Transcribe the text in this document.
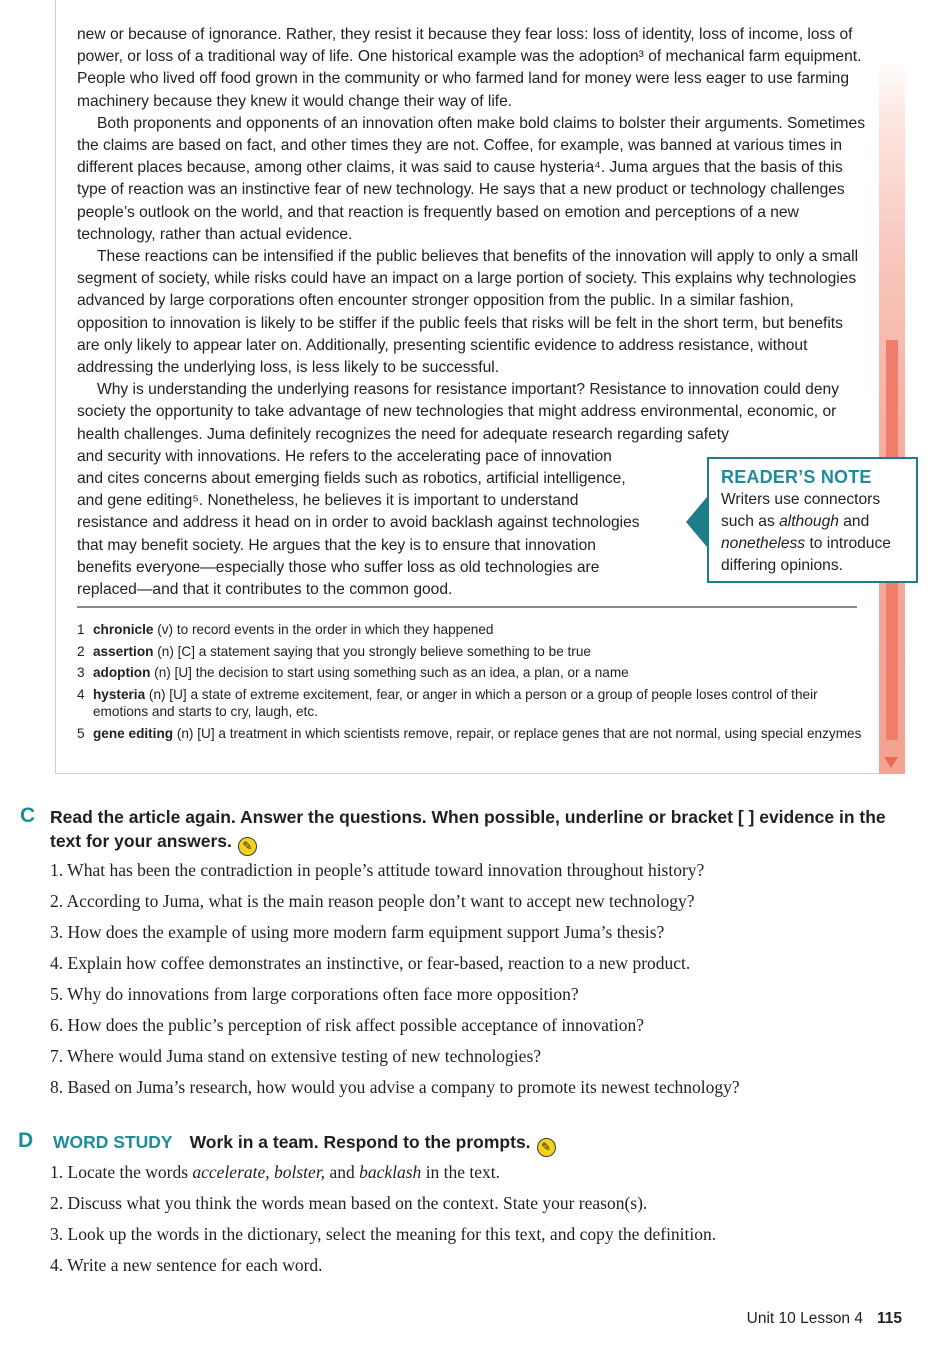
new or because of ignorance. Rather, they resist it because they fear loss: loss of identity, loss of income, loss of power, or loss of a traditional way of life. One historical example was the adoption³ of mechanical farm equipment. People who lived off food grown in the community or who farmed land for money were less eager to use farming machinery because they knew it would change their way of life.

Both proponents and opponents of an innovation often make bold claims to bolster their arguments. Sometimes the claims are based on fact, and other times they are not. Coffee, for example, was banned at various times in different places because, among other claims, it was said to cause hysteria⁴. Juma argues that the basis of this type of reaction was an instinctive fear of new technology. He says that a new product or technology challenges people’s outlook on the world, and that reaction is frequently based on emotion and perceptions of a new technology, rather than actual evidence.

These reactions can be intensified if the public believes that benefits of the innovation will apply to only a small segment of society, while risks could have an impact on a large portion of society. This explains why technologies advanced by large corporations often encounter stronger opposition from the public. In a similar fashion, opposition to innovation is likely to be stiffer if the public feels that risks will be felt in the short term, but benefits are only likely to appear later on. Additionally, presenting scientific evidence to address resistance, without addressing the underlying loss, is less likely to be successful.

Why is understanding the underlying reasons for resistance important? Resistance to innovation could deny society the opportunity to take advantage of new technologies that might address environmental, economic, or health challenges. Juma definitely recognizes the need for adequate research regarding safety

and security with innovations. He refers to the accelerating pace of innovation
and cites concerns about emerging fields such as robotics, artificial intelligence,
and gene editing⁵. Nonetheless, he believes it is important to understand
resistance and address it head on in order to avoid backlash against technologies
that may benefit society. He argues that the key is to ensure that innovation
benefits everyone—especially those who suffer loss as old technologies are
replaced—and that it contributes to the common good.
READER’S NOTE
Writers use connectors such as although and nonetheless to introduce differing opinions.
1 chronicle (v) to record events in the order in which they happened
2 assertion (n) [C] a statement saying that you strongly believe something to be true
3 adoption (n) [U] the decision to start using something such as an idea, a plan, or a name
4 hysteria (n) [U] a state of extreme excitement, fear, or anger in which a person or a group of people loses control of their emotions and starts to cry, laugh, etc.
5 gene editing (n) [U] a treatment in which scientists remove, repair, or replace genes that are not normal, using special enzymes
C Read the article again. Answer the questions. When possible, underline or bracket [ ] evidence in the text for your answers. ✎
1. What has been the contradiction in people’s attitude toward innovation throughout history?
2. According to Juma, what is the main reason people don’t want to accept new technology?
3. How does the example of using more modern farm equipment support Juma’s thesis?
4. Explain how coffee demonstrates an instinctive, or fear-based, reaction to a new product.
5. Why do innovations from large corporations often face more opposition?
6. How does the public’s perception of risk affect possible acceptance of innovation?
7. Where would Juma stand on extensive testing of new technologies?
8. Based on Juma’s research, how would you advise a company to promote its newest technology?
D WORD STUDY Work in a team. Respond to the prompts. ✎
1. Locate the words accelerate, bolster, and backlash in the text.
2. Discuss what you think the words mean based on the context. State your reason(s).
3. Look up the words in the dictionary, select the meaning for this text, and copy the definition.
4. Write a new sentence for each word.
Unit 10 Lesson 4 115
